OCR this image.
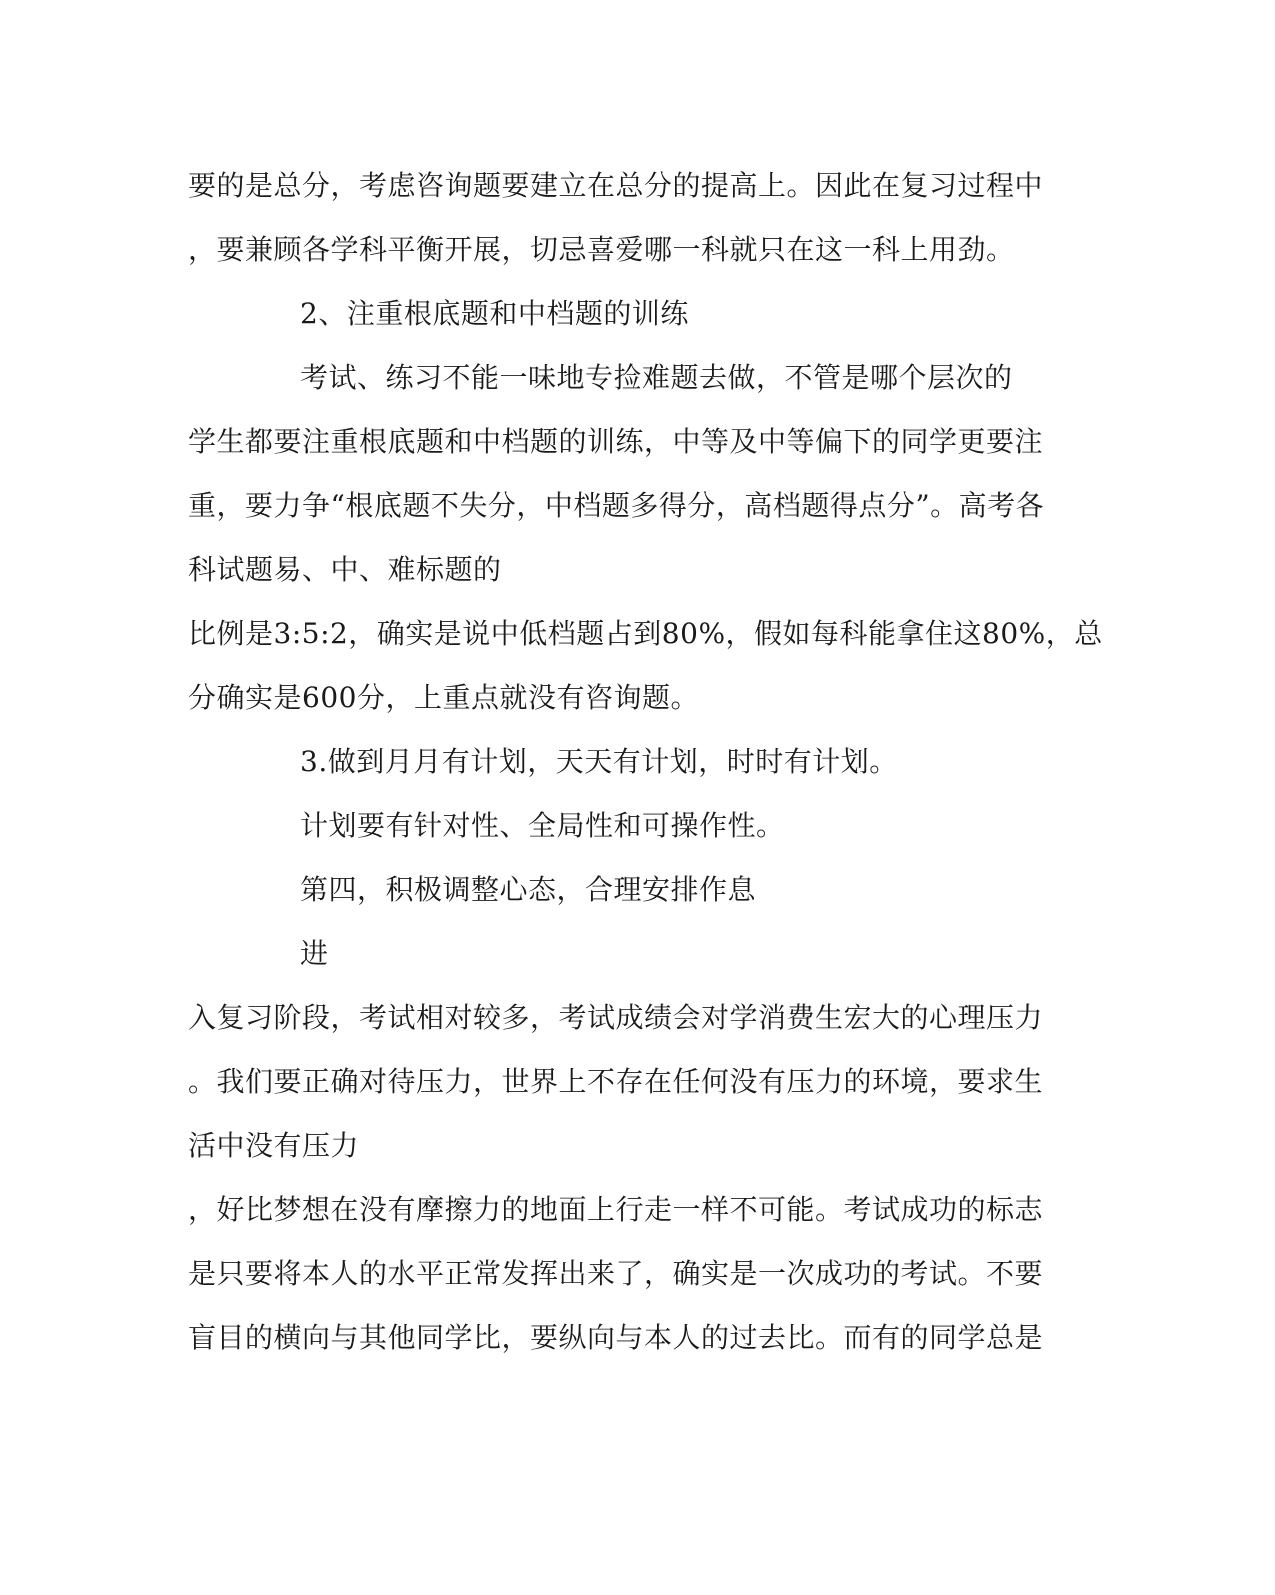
要的是总分，考虑咨询题要建立在总分的提高上。因此在复习过程中
，要兼顾各学科平衡开展，切忌喜爱哪一科就只在这一科上用劲。
2、注重根底题和中档题的训练
考试、练习不能一味地专捡难题去做，不管是哪个层次的
学生都要注重根底题和中档题的训练，中等及中等偏下的同学更要注
重，要力争“根底题不失分，中档题多得分，高档题得点分”。高考各
科试题易、中、难标题的
比例是3:5:2，确实是说中低档题占到80%，假如每科能拿住这80%，总
分确实是600分，上重点就没有咨询题。
3.做到月月有计划，天天有计划，时时有计划。
计划要有针对性、全局性和可操作性。
第四，积极调整心态，合理安排作息
进
入复习阶段，考试相对较多，考试成绩会对学消费生宏大的心理压力
。我们要正确对待压力，世界上不存在任何没有压力的环境，要求生
活中没有压力
，好比梦想在没有摩擦力的地面上行走一样不可能。考试成功的标志
是只要将本人的水平正常发挥出来了，确实是一次成功的考试。不要
盲目的横向与其他同学比，要纵向与本人的过去比。而有的同学总是
